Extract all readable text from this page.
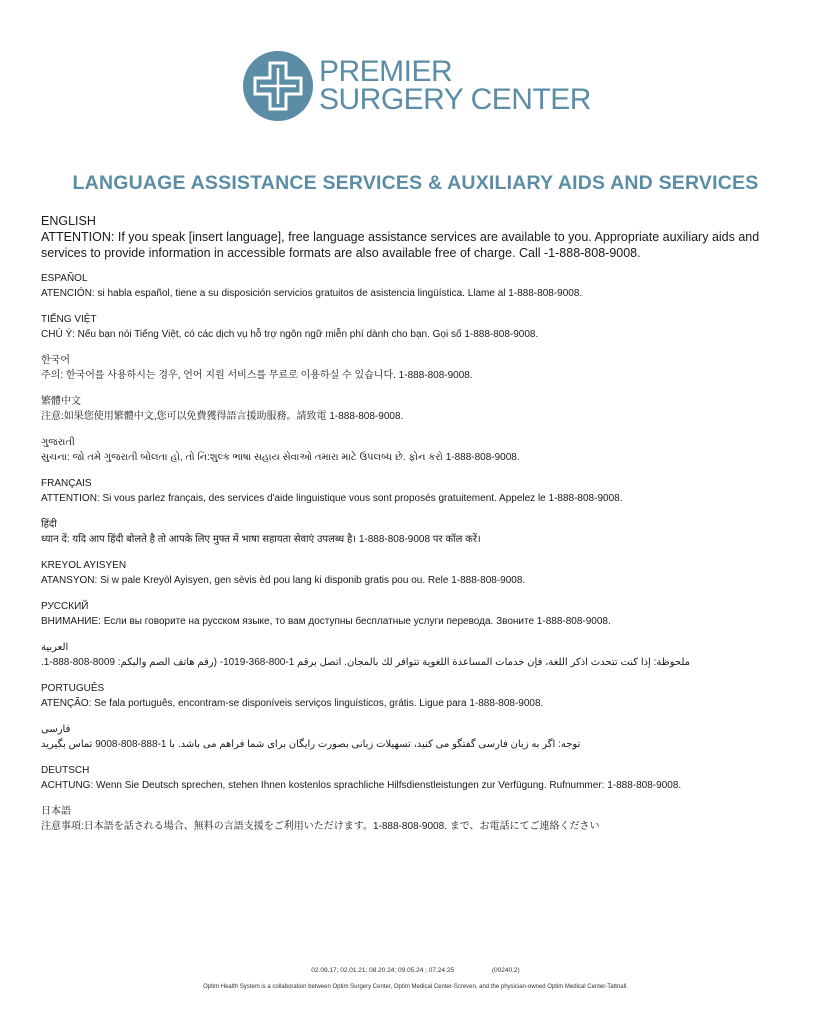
PREMIER
SURGERY CENTER
LANGUAGE ASSISTANCE SERVICES & AUXILIARY AIDS AND SERVICES
ENGLISH
ATTENTION: If you speak [insert language], free language assistance services are available to you. Appropriate auxiliary aids and services to provide information in accessible formats are also available free of charge. Call -1-888-808-9008.
ESPAÑOL
ATENCIÓN: si habla español, tiene a su disposición servicios gratuitos de asistencia lingüística. Llame al 1-888-808-9008.
TIẾNG VIỆT
CHÚ Ý: Nếu bạn nói Tiếng Việt, có các dịch vụ hỗ trợ ngôn ngữ miễn phí dành cho bạn. Gọi số 1-888-808-9008.
한국어
주의: 한국어를 사용하시는 경우, 언어 지원 서비스를 무료로 이용하실 수 있습니다. 1-888-808-9008.
繁體中文
注意:如果您使用繁體中文,您可以免費獲得語言援助服務。請致電 1-888-808-9008.
ગુજરાતી
સુચના: જો તમે ગુજરાતી બોલતા હો, તો નિ:શુલ્ક ભાષા સહાય સેવાઓ તમારા માટે ઉપલબ્ધ છે. ફોન કરો 1-888-808-9008.
FRANÇAIS
ATTENTION: Si vous parlez français, des services d'aide linguistique vous sont proposés gratuitement. Appelez le 1-888-808-9008.
हिंदी
ध्यान दें: यदि आप हिंदी बोलते है तो आपके लिए मुफ्त में भाषा सहायता सेवाएं उपलब्ध है। 1-888-808-9008 पर कॉल करें।
KREYOL AYISYEN
ATANSYON: Si w pale Kreyòl Ayisyen, gen sèvis èd pou lang ki disponib gratis pou ou. Rele 1-888-808-9008.
РУССКИЙ
ВНИМАНИЕ: Если вы говорите на русском языке, то вам доступны бесплатные услуги перевода. Звоните 1-888-808-9008.
العربية
ملحوظة: إذا كنت تتحدث اذكر اللغة، فإن خدمات المساعدة اللغوية تتوافر لك بالمجان. اتصل برقم 1-800-368-1019- (رقم هاتف الصم والبكم: 8009-808-888-1.
PORTUGUÊS
ATENÇÃO: Se fala português, encontram-se disponíveis serviços linguísticos, grátis. Ligue para 1-888-808-9008.
فارسی
توجه: اگر به زبان فارسی گفتگو می کنید، تسهیلات زبانی بصورت رایگان برای شما فراهم می باشد. با 1-888-808-9008 تماس بگیرید
DEUTSCH
ACHTUNG: Wenn Sie Deutsch sprechen, stehen Ihnen kostenlos sprachliche Hilfsdienstleistungen zur Verfügung. Rufnummer: 1-888-808-9008.
日本語
注意事項:日本語を話される場合、無料の言語支援をご利用いただけます。1-888-808-9008. まで、お電話にてご連絡ください
02.09.17; 02.01.21; 08.20.24; 09.05.24 ; 07.24.25	(00240.2)
Optim Health System is a collaboration between Optim Surgery Center, Optim Medical Center-Screven, and the physician-owned Optim Medical Center-Tattnall.
